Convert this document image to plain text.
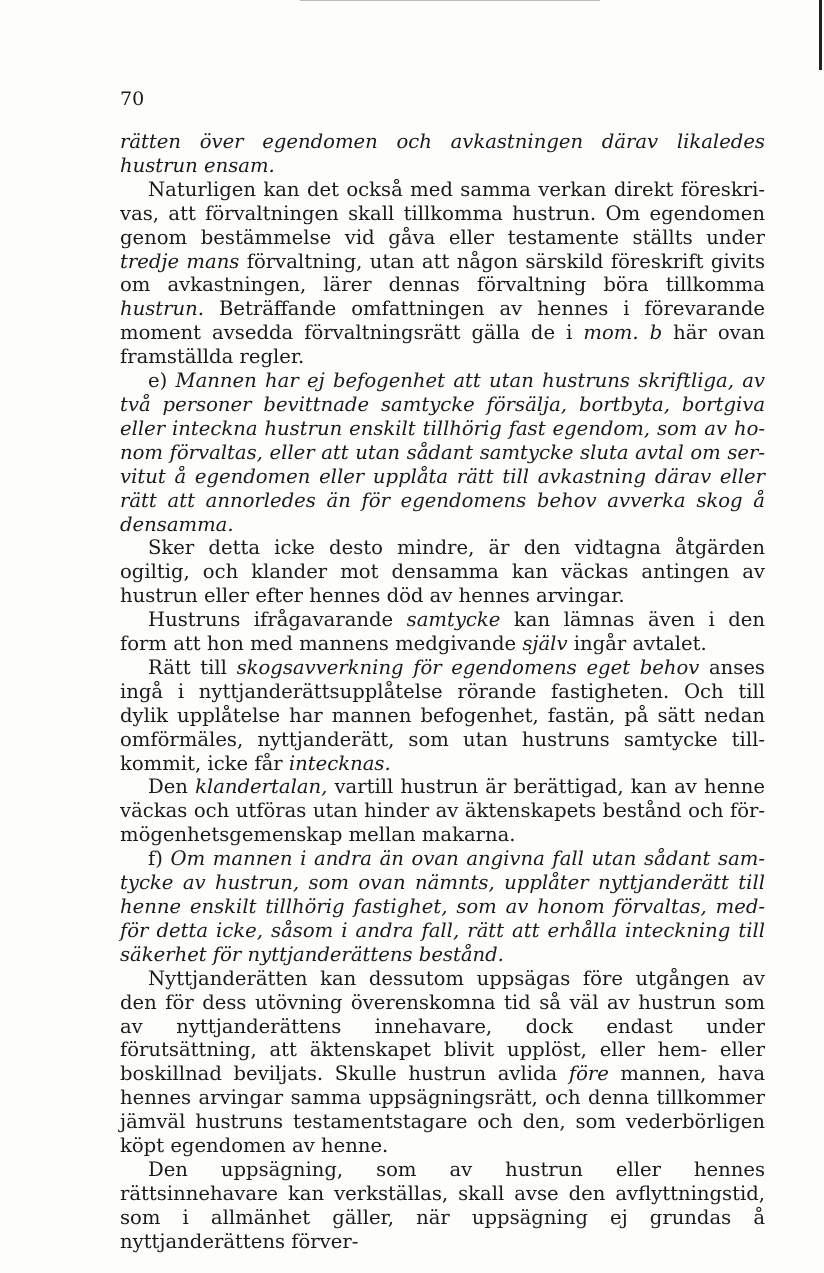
70

rätten över egendomen och avkastningen därav likaledes hustrun ensam.

Naturligen kan det också med samma verkan direkt föreskrivas, att förvaltningen skall tillkomma hustrun. Om egendomen genom bestämmelse vid gåva eller testamente ställts under tredje mans förvaltning, utan att någon särskild föreskrift givits om avkastningen, lärer dennas förvaltning böra tillkomma hustrun. Beträffande omfattningen av hennes i förevarande moment avsedda förvaltningsrätt gälla de i mom. b här ovan framställda regler.

e) Mannen har ej befogenhet att utan hustruns skriftliga, av två personer bevittnade samtycke försälja, bortbyta, bortgiva eller inteckna hustrun enskilt tillhörig fast egendom, som av honom förvaltas, eller att utan sådant samtycke sluta avtal om servitut å egendomen eller upplåta rätt till avkastning därav eller rätt att annorledes än för egendomens behov avverka skog å densamma.

Sker detta icke desto mindre, är den vidtagna åtgärden ogiltig, och klander mot densamma kan väckas antingen av hustrun eller efter hennes död av hennes arvingar.

Hustruns ifrågavarande samtycke kan lämnas även i den form att hon med mannens medgivande själv ingår avtalet.

Rätt till skogsavverkning för egendomens eget behov anses ingå i nyttjanderättsupplåtelse rörande fastigheten. Och till dylik upplåtelse har mannen befogenhet, fastän, på sätt nedan omförmäles, nyttjanderätt, som utan hustruns samtycke tillkommit, icke får intecknas.

Den klandertalan, vartill hustrun är berättigad, kan av henne väckas och utföras utan hinder av äktenskapets bestånd och förmögenhetsgemenskap mellan makarna.

f) Om mannen i andra än ovan angivna fall utan sådant samtycke av hustrun, som ovan nämnts, upplåter nyttjanderätt till henne enskilt tillhörig fastighet, som av honom förvaltas, medför detta icke, såsom i andra fall, rätt att erhålla inteckning till säkerhet för nyttjanderättens bestånd.

Nyttjanderätten kan dessutom uppsägas före utgången av den för dess utövning överenskomna tid så väl av hustrun som av nyttjanderättens innehavare, dock endast under förutsättning, att äktenskapet blivit upplöst, eller hem- eller boskillnad beviljats. Skulle hustrun avlida före mannen, hava hennes arvingar samma uppsägningsrätt, och denna tillkommer jämväl hustruns testamentstagare och den, som vederbörligen köpt egendomen av henne.

Den uppsägning, som av hustrun eller hennes rättsinnehavare kan verkställas, skall avse den avflyttningstid, som i allmänhet gäller, när uppsägning ej grundas å nyttjanderättens förver-
